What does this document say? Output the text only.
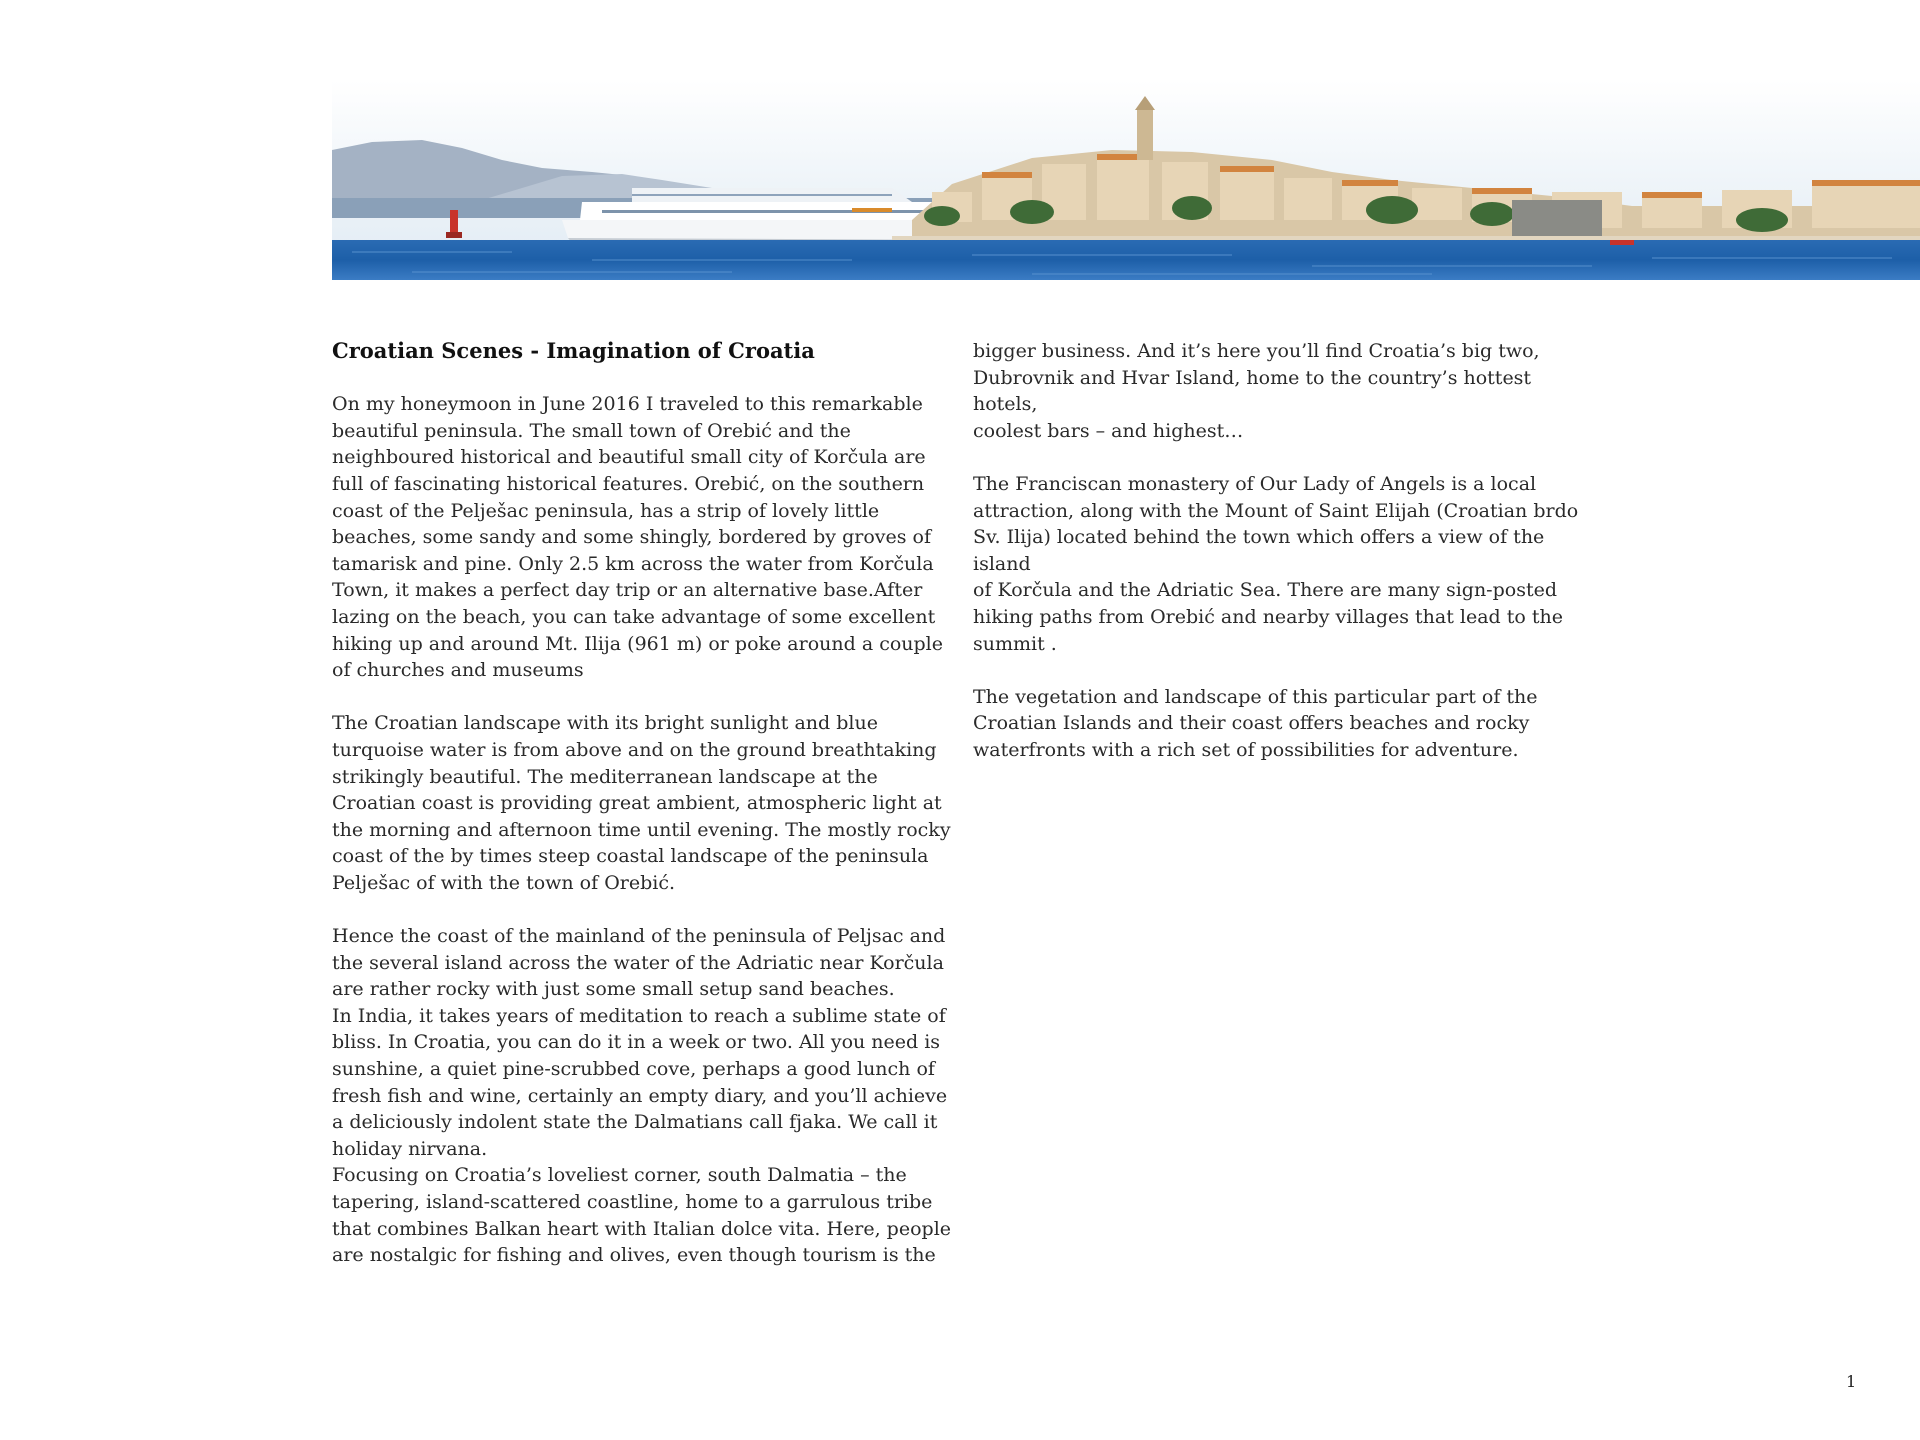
Croatian Scenes - Imagination of Croatia

On my honeymoon in June 2016 I traveled to this remarkable
beautiful peninsula. The small town of Orebić and the
neighboured historical and beautiful small city of Korčula are
full of fascinating historical features. Orebić, on the southern
coast of the Pelješac peninsula, has a strip of lovely little
beaches, some sandy and some shingly, bordered by groves of
tamarisk and pine. Only 2.5 km across the water from Korčula
Town, it makes a perfect day trip or an alternative base.After
lazing on the beach, you can take advantage of some excellent
hiking up and around Mt. Ilija (961 m) or poke around a couple
of churches and museums

The Croatian landscape with its bright sunlight and blue
turquoise water is from above and on the ground breathtaking
strikingly beautiful. The mediterranean landscape at the
Croatian coast is providing great ambient, atmospheric light at
the morning and afternoon time until evening. The mostly rocky
coast of the by times steep coastal landscape of the peninsula
Pelješac of with the town of Orebić.

Hence the coast of the mainland of the peninsula of Peljsac and
the several island across the water of the Adriatic near Korčula
are rather rocky with just some small setup sand beaches.
In India, it takes years of meditation to reach a sublime state of
bliss. In Croatia, you can do it in a week or two. All you need is
sunshine, a quiet pine-scrubbed cove, perhaps a good lunch of
fresh fish and wine, certainly an empty diary, and you’ll achieve
a deliciously indolent state the Dalmatians call fjaka. We call it
holiday nirvana.
Focusing on Croatia’s loveliest corner, south Dalmatia – the
tapering, island-scattered coastline, home to a garrulous tribe
that combines Balkan heart with Italian dolce vita. Here, people
are nostalgic for fishing and olives, even though tourism is the

bigger business. And it’s here you’ll find Croatia’s big two,
Dubrovnik and Hvar Island, home to the country’s hottest hotels,
coolest bars – and highest…

The Franciscan monastery of Our Lady of Angels is a local
attraction, along with the Mount of Saint Elijah (Croatian brdo
Sv. Ilija) located behind the town which offers a view of the island
of Korčula and the Adriatic Sea. There are many sign-posted
hiking paths from Orebić and nearby villages that lead to the
summit .

The vegetation and landscape of this particular part of the
Croatian Islands and their coast offers beaches and rocky
waterfronts with a rich set of possibilities for adventure.

1
